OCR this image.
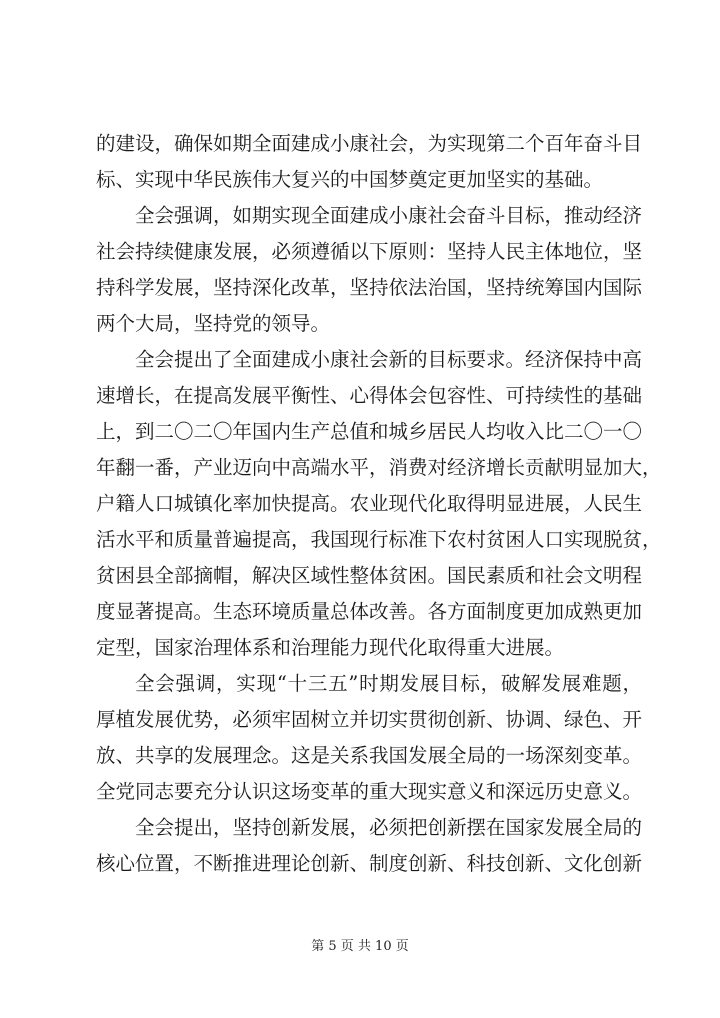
的建设，确保如期全面建成小康社会，为实现第二个百年奋斗目
标、实现中华民族伟大复兴的中国梦奠定更加坚实的基础。
全会强调，如期实现全面建成小康社会奋斗目标，推动经济
社会持续健康发展，必须遵循以下原则：坚持人民主体地位，坚
持科学发展，坚持深化改革，坚持依法治国，坚持统筹国内国际
两个大局，坚持党的领导。
全会提出了全面建成小康社会新的目标要求。经济保持中高
速增长，在提高发展平衡性、心得体会包容性、可持续性的基础
上，到二〇二〇年国内生产总值和城乡居民人均收入比二〇一〇
年翻一番，产业迈向中高端水平，消费对经济增长贡献明显加大，
户籍人口城镇化率加快提高。农业现代化取得明显进展，人民生
活水平和质量普遍提高，我国现行标准下农村贫困人口实现脱贫，
贫困县全部摘帽，解决区域性整体贫困。国民素质和社会文明程
度显著提高。生态环境质量总体改善。各方面制度更加成熟更加
定型，国家治理体系和治理能力现代化取得重大进展。
全会强调，实现“十三五”时期发展目标，破解发展难题，
厚植发展优势，必须牢固树立并切实贯彻创新、协调、绿色、开
放、共享的发展理念。这是关系我国发展全局的一场深刻变革。
全党同志要充分认识这场变革的重大现实意义和深远历史意义。
全会提出，坚持创新发展，必须把创新摆在国家发展全局的
核心位置，不断推进理论创新、制度创新、科技创新、文化创新
第 5 页 共 10 页
